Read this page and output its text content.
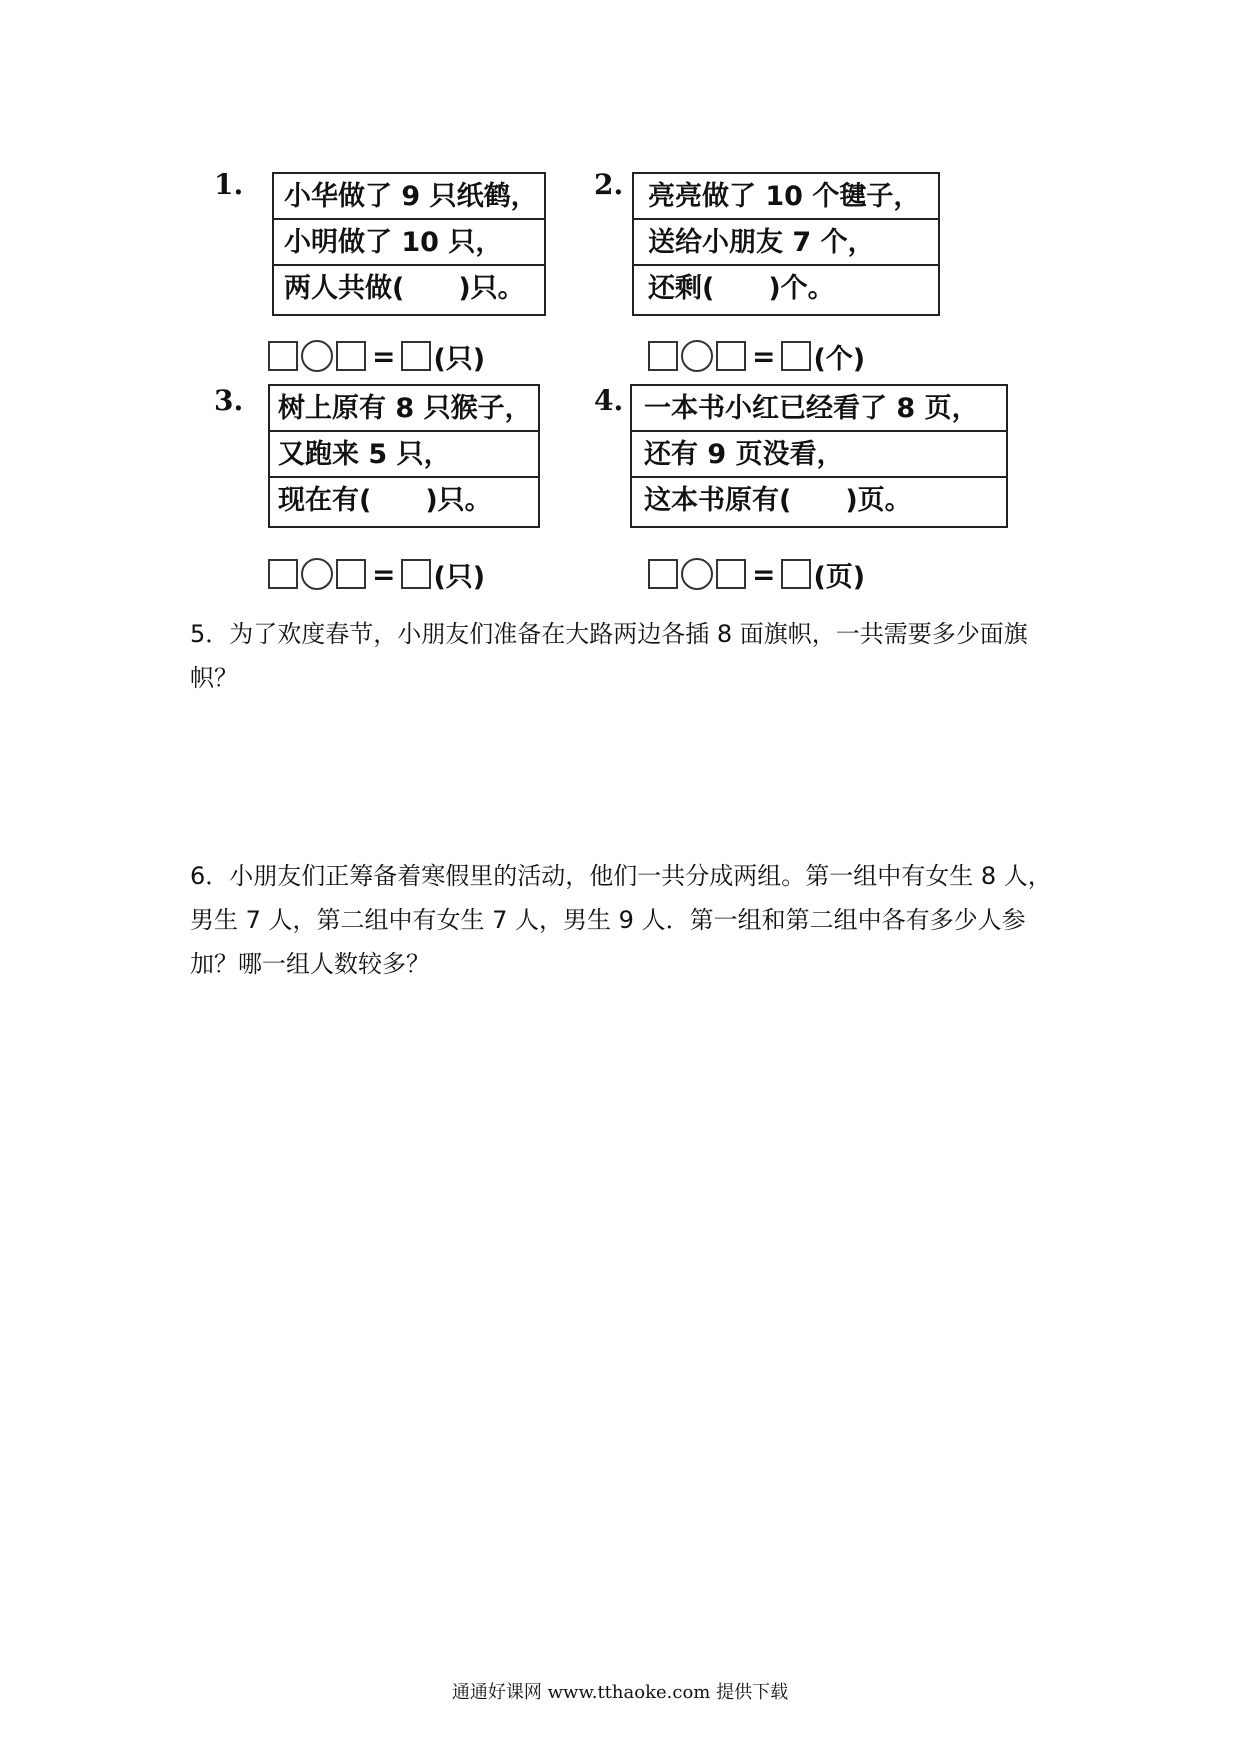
1.	小华做了 9 只纸鹤，
小明做了 10 只，
两人共做(　　)只。
= (只)
2. 亮亮做了 10 个毽子，
送给小朋友 7 个，
还剩(　　)个。
= (个)
3. 树上原有 8 只猴子，
又跑来 5 只，
现在有(　　)只。
= (只)
4. 一本书小红已经看了 8 页，
还有 9 页没看，
这本书原有(　　)页。
= (页)
5．为了欢度春节，小朋友们准备在大路两边各插 8 面旗帜，一共需要多少面旗帜？
6．小朋友们正筹备着寒假里的活动，他们一共分成两组。第一组中有女生 8 人，男生 7 人，第二组中有女生 7 人，男生 9 人．第一组和第二组中各有多少人参加？哪一组人数较多？
通通好课网 www.tthaoke.com 提供下载
